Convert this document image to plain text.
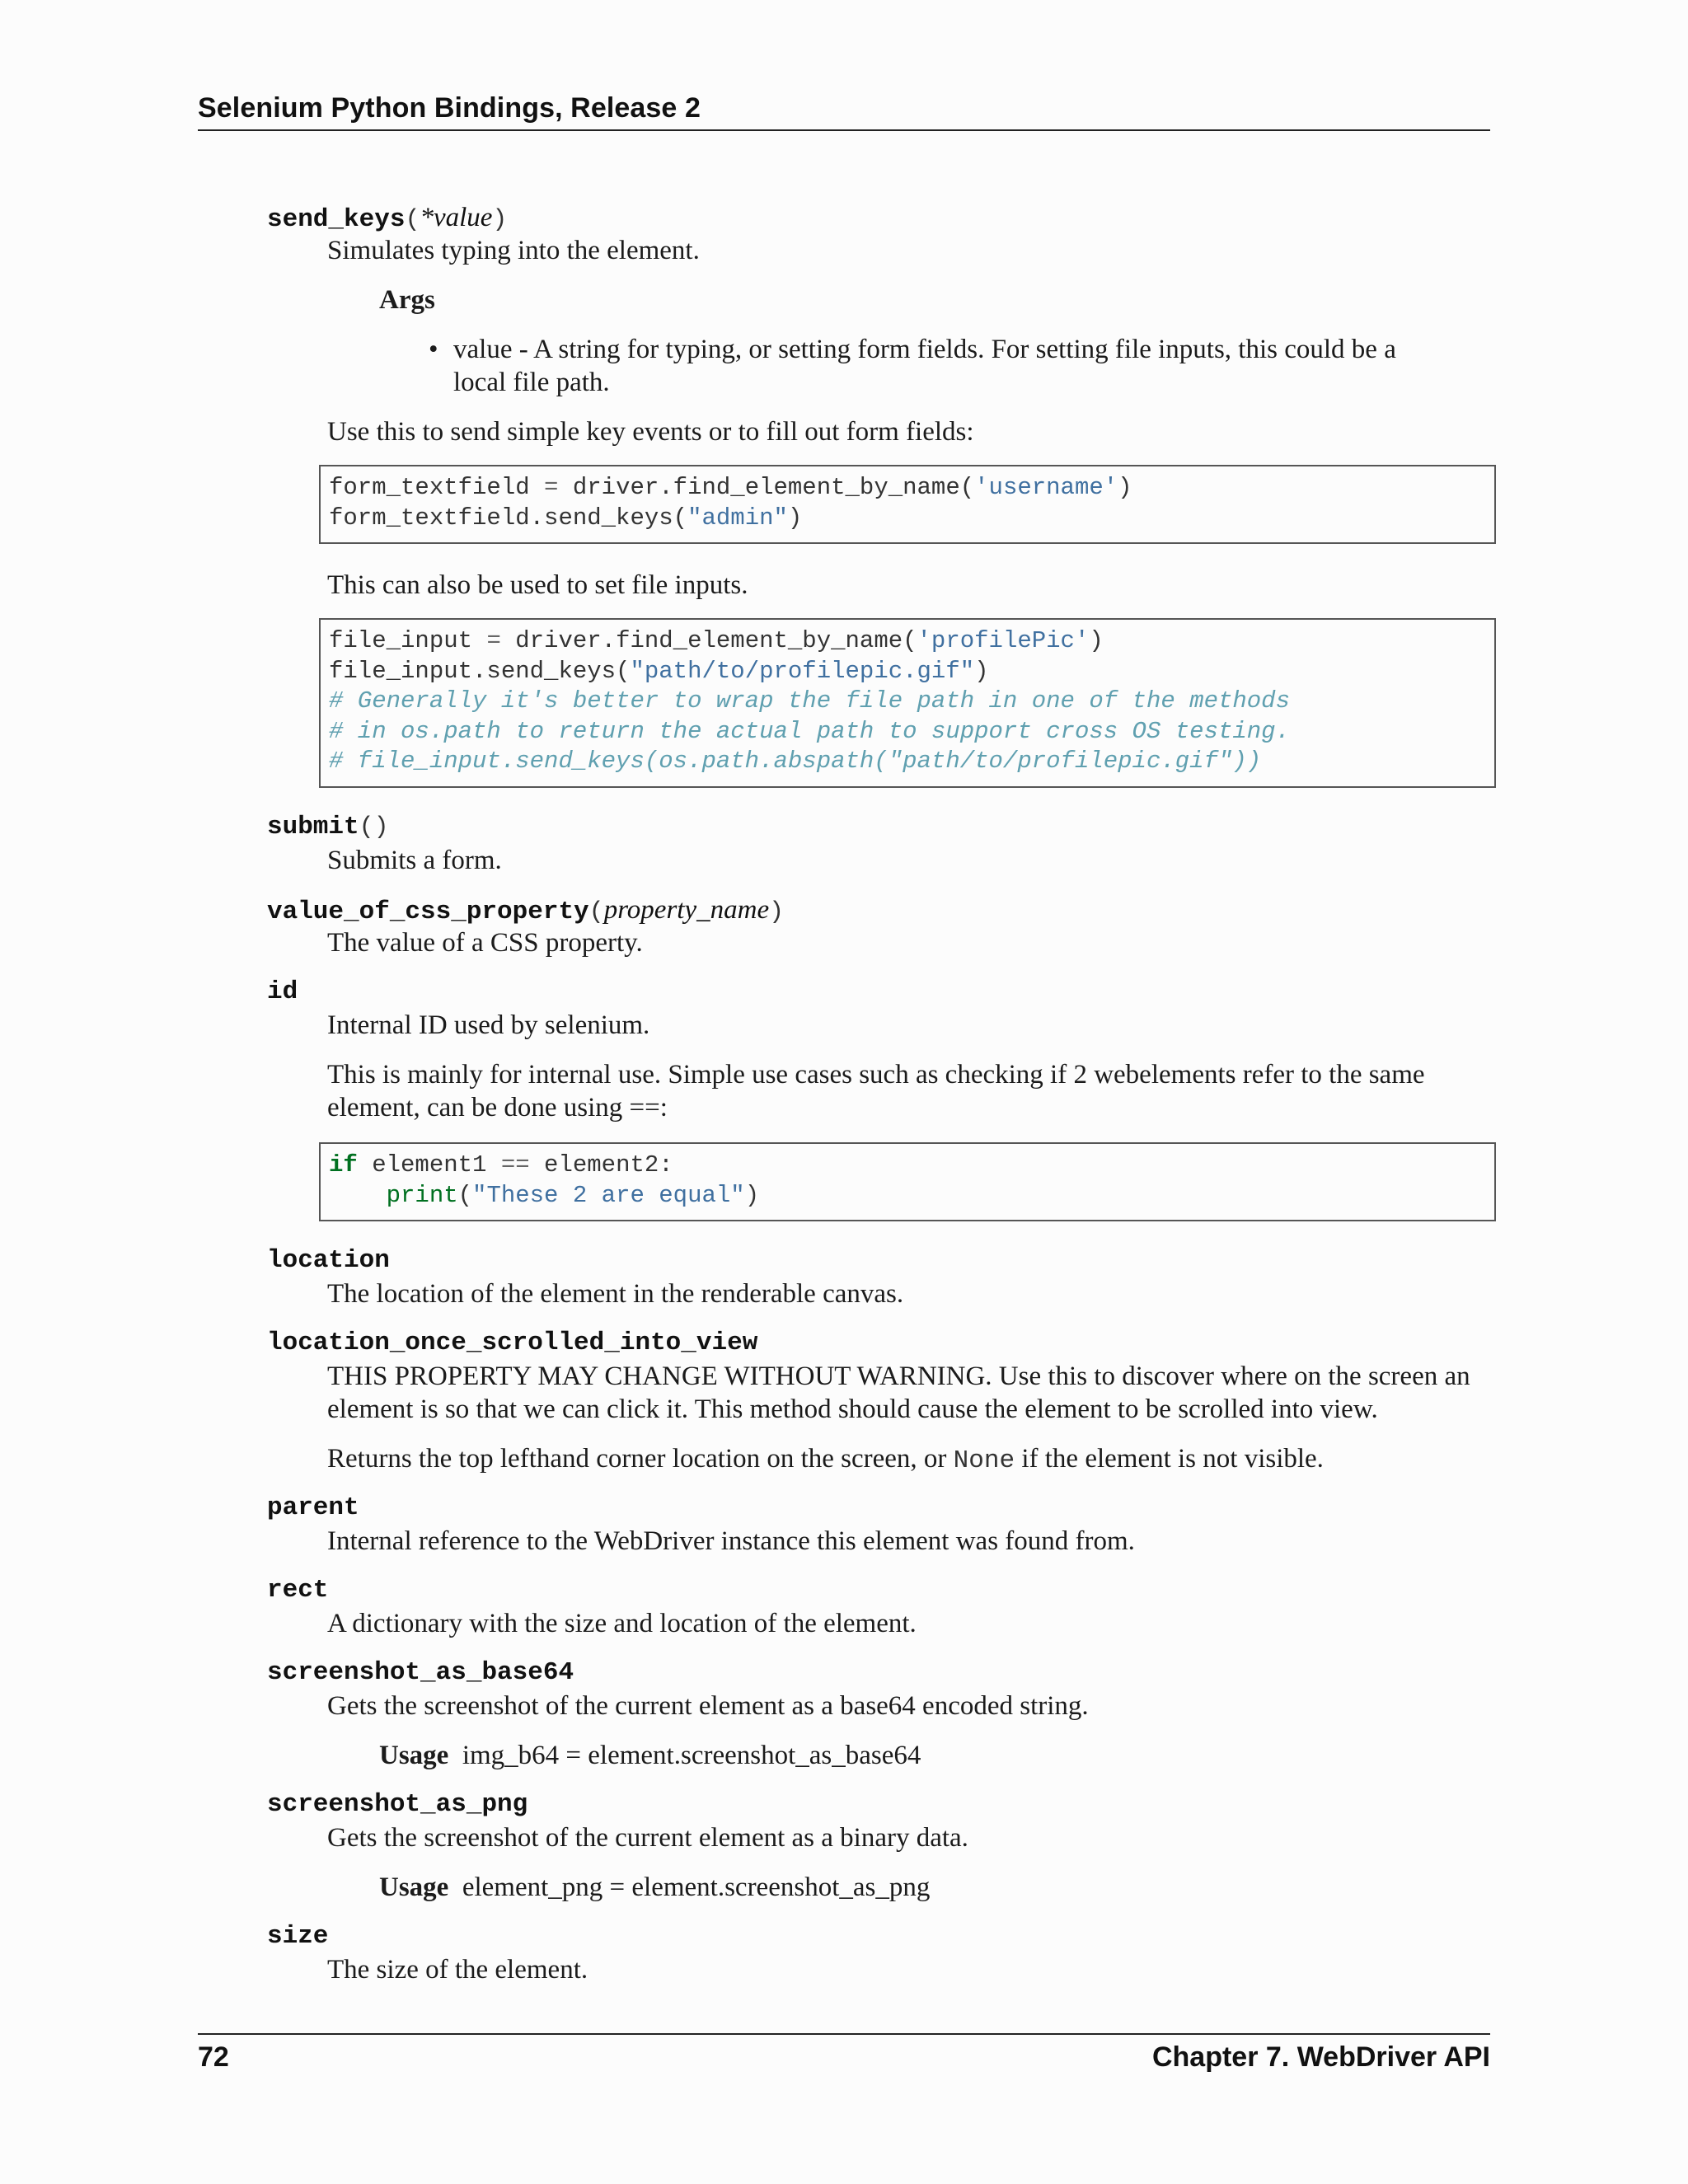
Selenium Python Bindings, Release 2
send_keys(*value)
Simulates typing into the element.
Args
• value - A string for typing, or setting form fields. For setting file inputs, this could be a
local file path.
Use this to send simple key events or to fill out form fields:
form_textfield = driver.find_element_by_name('username')
form_textfield.send_keys("admin")
This can also be used to set file inputs.
file_input = driver.find_element_by_name('profilePic')
file_input.send_keys("path/to/profilepic.gif")
# Generally it's better to wrap the file path in one of the methods
# in os.path to return the actual path to support cross OS testing.
# file_input.send_keys(os.path.abspath("path/to/profilepic.gif"))
submit()
Submits a form.
value_of_css_property(property_name)
The value of a CSS property.
id
Internal ID used by selenium.
This is mainly for internal use. Simple use cases such as checking if 2 webelements refer to the same
element, can be done using ==:
if element1 == element2:
print("These 2 are equal")
location
The location of the element in the renderable canvas.
location_once_scrolled_into_view
THIS PROPERTY MAY CHANGE WITHOUT WARNING. Use this to discover where on the screen an
element is so that we can click it. This method should cause the element to be scrolled into view.
Returns the top lefthand corner location on the screen, or None if the element is not visible.
parent
Internal reference to the WebDriver instance this element was found from.
rect
A dictionary with the size and location of the element.
screenshot_as_base64
Gets the screenshot of the current element as a base64 encoded string.
Usage img_b64 = element.screenshot_as_base64
screenshot_as_png
Gets the screenshot of the current element as a binary data.
Usage element_png = element.screenshot_as_png
size
The size of the element.
72	Chapter 7. WebDriver API
